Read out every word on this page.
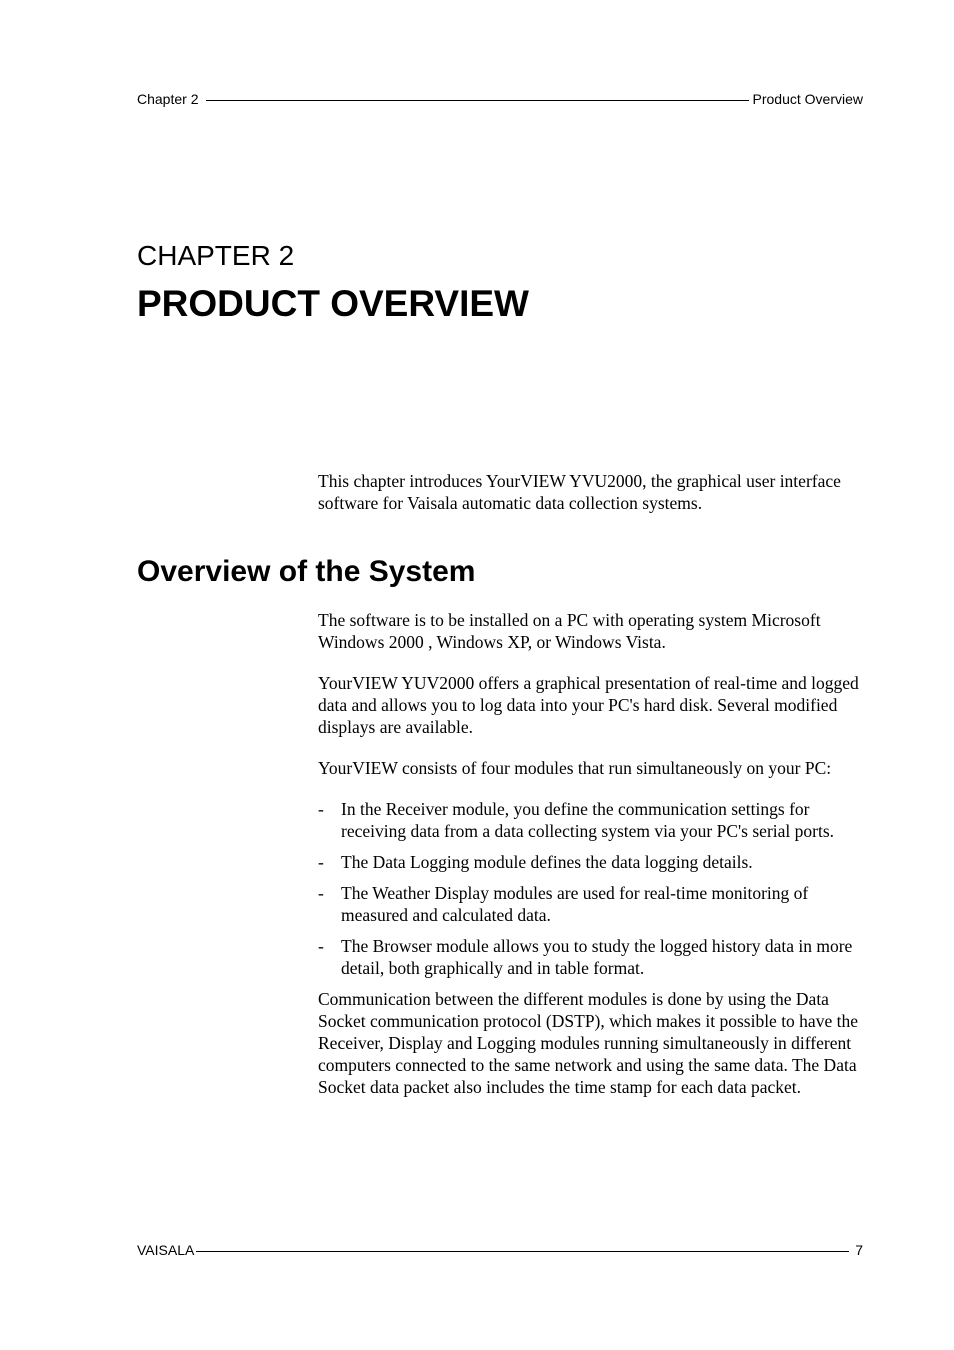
Chapter 2	Product Overview
CHAPTER 2
PRODUCT OVERVIEW

This chapter introduces YourVIEW YVU2000, the graphical user interface software for Vaisala automatic data collection systems.

Overview of the System

The software is to be installed on a PC with operating system Microsoft Windows 2000 , Windows XP, or Windows Vista.

YourVIEW YUV2000 offers a graphical presentation of real-time and logged data and allows you to log data into your PC's hard disk. Several modified displays are available.

YourVIEW consists of four modules that run simultaneously on your PC:

- In the Receiver module, you define the communication settings for receiving data from a data collecting system via your PC's serial ports.
- The Data Logging module defines the data logging details.
- The Weather Display modules are used for real-time monitoring of measured and calculated data.
- The Browser module allows you to study the logged history data in more detail, both graphically and in table format.

Communication between the different modules is done by using the Data Socket communication protocol (DSTP), which makes it possible to have the Receiver, Display and Logging modules running simultaneously in different computers connected to the same network and using the same data. The Data Socket data packet also includes the time stamp for each data packet.

VAISALA	7
